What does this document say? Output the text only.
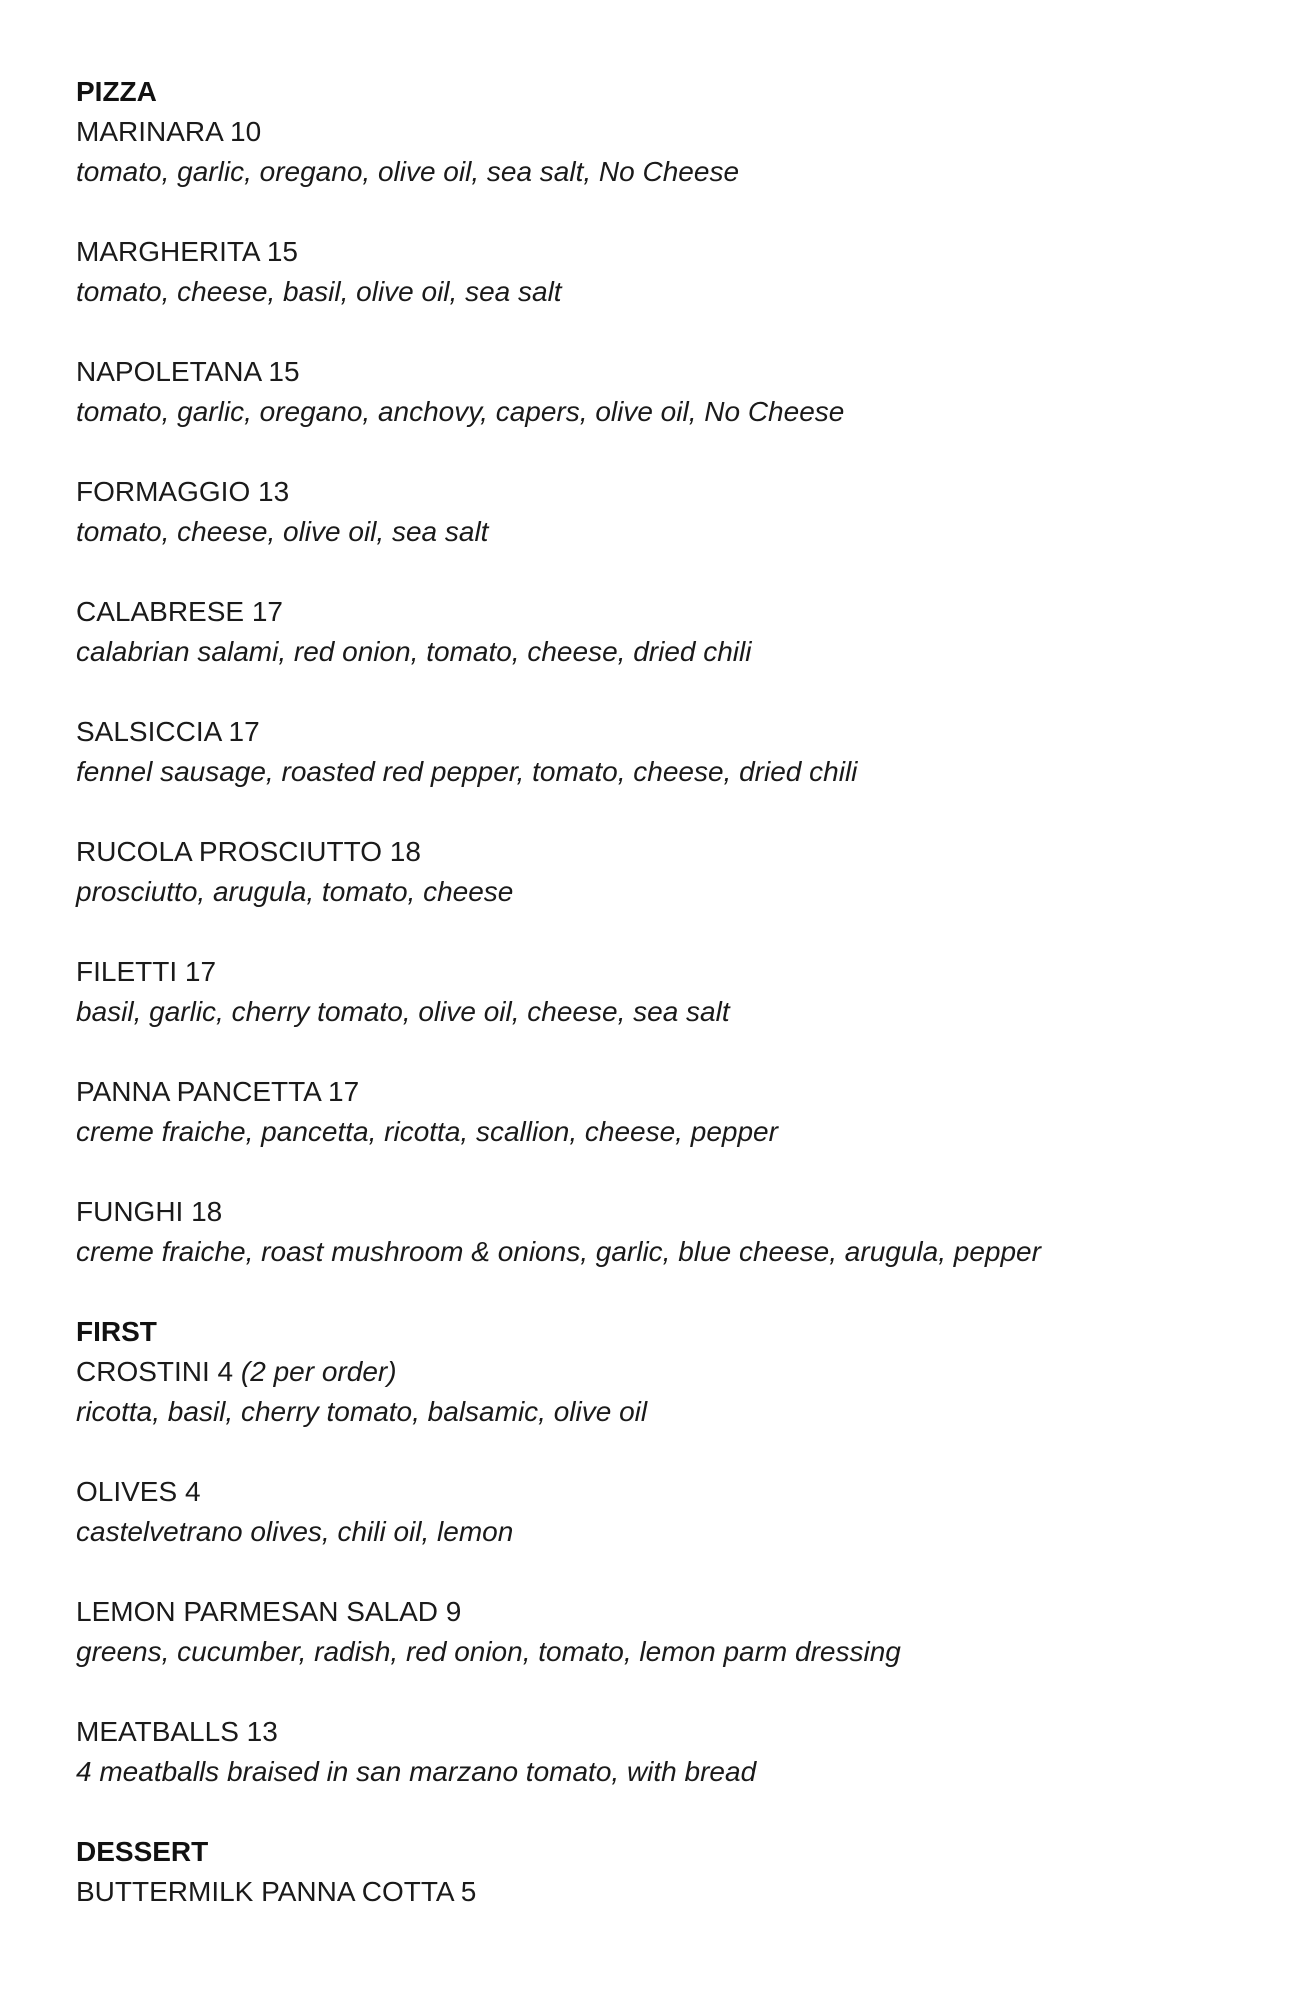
PIZZA
MARINARA 10
tomato, garlic, oregano, olive oil, sea salt, No Cheese
MARGHERITA 15
tomato, cheese, basil, olive oil, sea salt
NAPOLETANA 15
tomato, garlic, oregano, anchovy, capers, olive oil, No Cheese
FORMAGGIO 13
tomato, cheese, olive oil, sea salt
CALABRESE 17
calabrian salami, red onion, tomato, cheese, dried chili
SALSICCIA 17
fennel sausage, roasted red pepper, tomato, cheese, dried chili
RUCOLA PROSCIUTTO 18
prosciutto, arugula, tomato, cheese
FILETTI 17
basil, garlic, cherry tomato, olive oil, cheese, sea salt
PANNA PANCETTA 17
creme fraiche, pancetta, ricotta, scallion, cheese, pepper
FUNGHI 18
creme fraiche, roast mushroom & onions, garlic, blue cheese, arugula, pepper
FIRST
CROSTINI 4 (2 per order)
ricotta, basil, cherry tomato, balsamic, olive oil
OLIVES 4
castelvetrano olives, chili oil, lemon
LEMON PARMESAN SALAD 9
greens, cucumber, radish, red onion, tomato, lemon parm dressing
MEATBALLS 13
4 meatballs braised in san marzano tomato, with bread
DESSERT
BUTTERMILK PANNA COTTA 5
